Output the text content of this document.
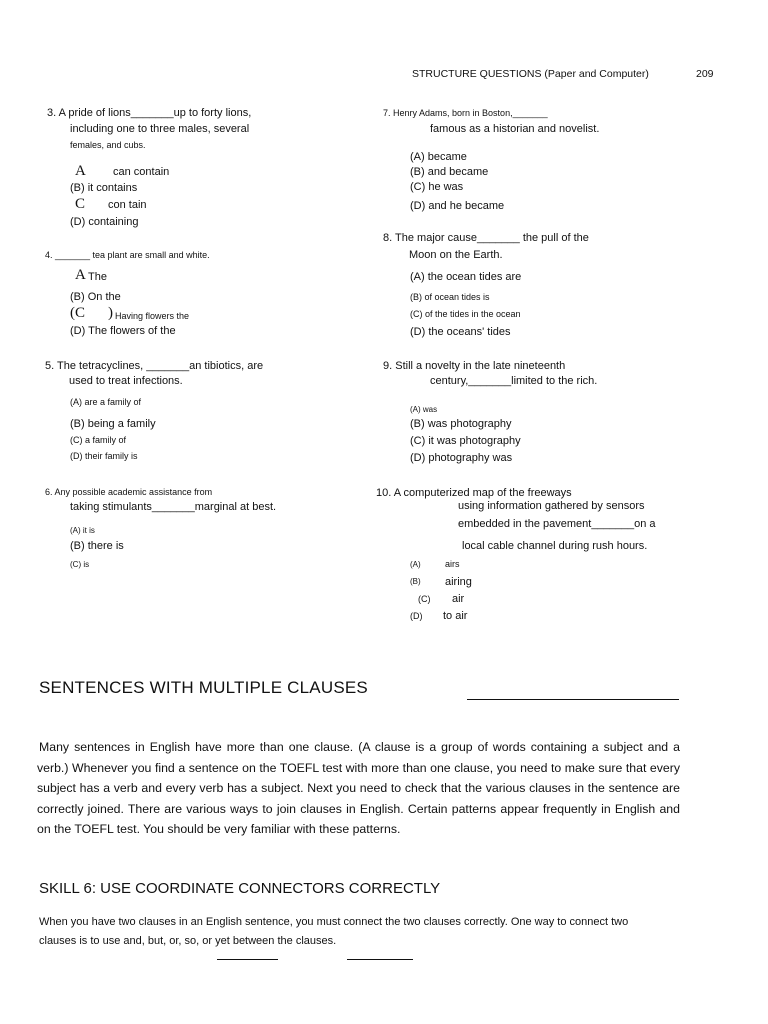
STRUCTURE QUESTIONS (Paper and Computer)	209
3. A pride of lions_______up to forty lions,
including one to three males, several
females, and cubs.
A can contain
(B) it contains
C con tain
(D) containing
4. _______ tea plant are small and white.
A The
(B) On the
(C ) Having flowers the
(D) The flowers of the
5. The tetracyclines, _______an tibiotics, are
used to treat infections.
(A) are a family of
(B) being a family
(C) a family of
(D) their family is
6. Any possible academic assistance from
taking stimulants_______marginal at best.
(A) it is
(B) there is
(C) is
7. Henry Adams, born in Boston,_______
famous as a historian and novelist.
(A) became
(B) and became
(C) he was
(D) and he became
8. The major cause_______ the pull of the
Moon on the Earth.
(A) the ocean tides are
(B) of ocean tides is
(C) of the tides in the ocean
(D) the oceans' tides
9. Still a novelty in the late nineteenth
century,_______limited to the rich.
(A) was
(B) was photography
(C) it was photography
(D) photography was
10. A computerized map of the freeways
using information gathered by sensors
embedded in the pavement_______on a
local cable channel during rush hours.
(A)	airs
(B) airing
(C) air
(D) to air
SENTENCES WITH MULTIPLE CLAUSES
Many sentences in English have more than one clause. (A clause is a group of words containing a subject and a verb.) Whenever you find a sentence on the TOEFL test with more than one clause, you need to make sure that every subject has a verb and every verb has a subject. Next you need to check that the various clauses in the sentence are correctly joined. There are various ways to join clauses in English. Certain patterns appear frequently in English and on the TOEFL test. You should be very familiar with these patterns.
SKILL 6: USE COORDINATE CONNECTORS CORRECTLY
When you have two clauses in an English sentence, you must connect the two clauses correctly. One way to connect two
clauses is to use and, but, or, so, or yet between the clauses.
